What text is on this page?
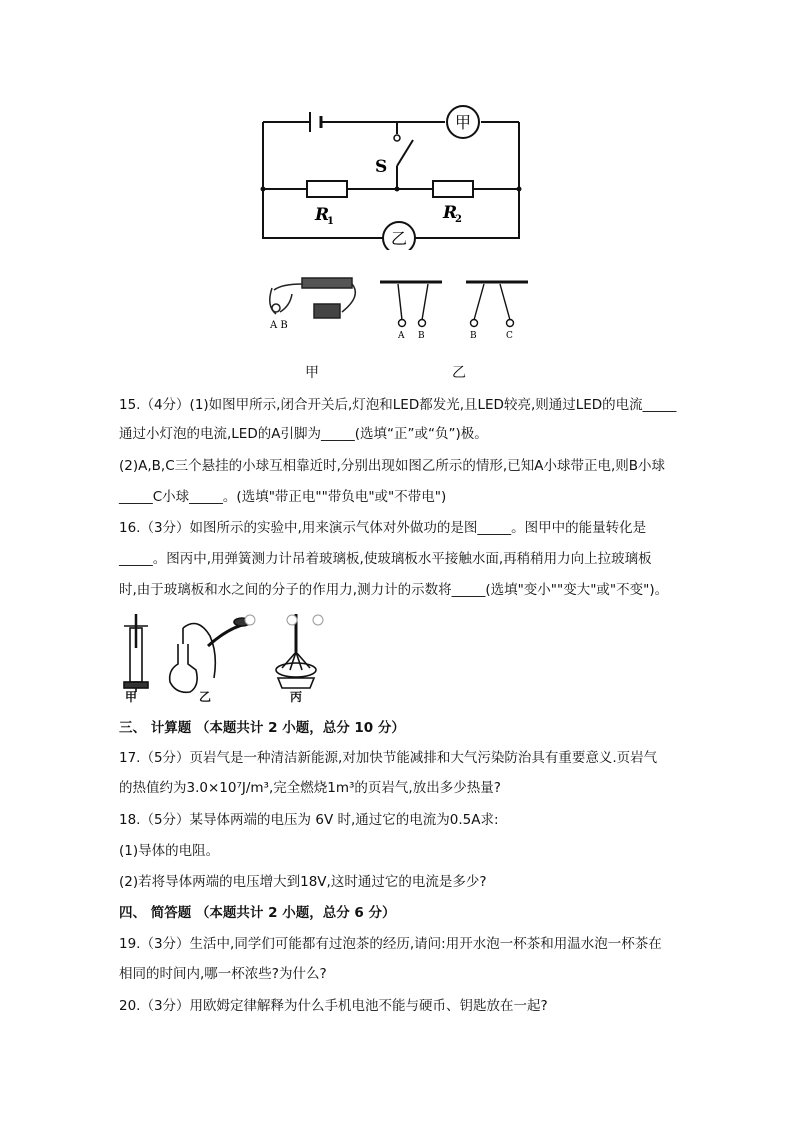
甲
乙
S
R
1	R
2
A B
A B	B	C
甲	乙
15.（4分）(1)如图甲所示,闭合开关后,灯泡和LED都发光,且LED较亮,则通过LED的电流_____
通过小灯泡的电流,LED的A引脚为_____(选填“正”或“负”)极。
(2)A,B,C三个悬挂的小球互相靠近时,分别出现如图乙所示的情形,已知A小球带正电,则B小球
_____C小球_____。(选填"带正电""带负电"或"不带电")
16.（3分）如图所示的实验中,用来演示气体对外做功的是图_____。图甲中的能量转化是
_____。图丙中,用弹簧测力计吊着玻璃板,使玻璃板水平接触水面,再稍稍用力向上拉玻璃板
时,由于玻璃板和水之间的分子的作用力,测力计的示数将_____(选填"变小""变大"或"不变")。
甲	乙	丙
三、 计算题 （本题共计 2 小题，总分 10 分）
17.（5分）页岩气是一种清洁新能源,对加快节能减排和大气污染防治具有重要意义.页岩气
的热值约为3.0×10⁷J/m³,完全燃烧1m³的页岩气,放出多少热量?
18.（5分）某导体两端的电压为 6V 时,通过它的电流为0.5A求:
(1)导体的电阻。
(2)若将导体两端的电压增大到18V,这时通过它的电流是多少?
四、 简答题 （本题共计 2 小题，总分 6 分）
19.（3分）生活中,同学们可能都有过泡茶的经历,请问:用开水泡一杯茶和用温水泡一杯茶在
相同的时间内,哪一杯浓些?为什么?
20.（3分）用欧姆定律解释为什么手机电池不能与硬币、钥匙放在一起?
